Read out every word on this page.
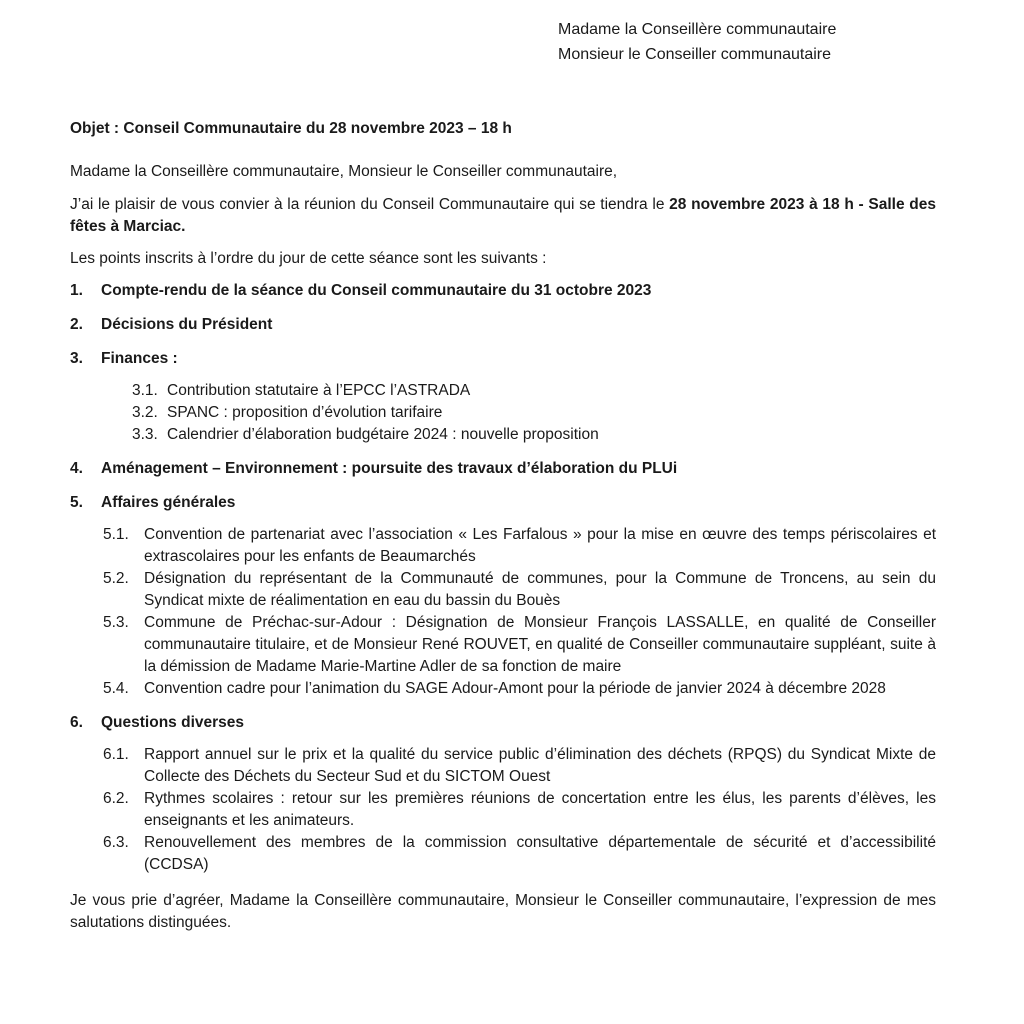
Madame la Conseillère communautaire
Monsieur le Conseiller communautaire
Objet : Conseil Communautaire du 28 novembre 2023 – 18 h

Madame la Conseillère communautaire, Monsieur le Conseiller communautaire,

J’ai le plaisir de vous convier à la réunion du Conseil Communautaire qui se tiendra le 28 novembre 2023 à 18 h - Salle des fêtes à Marciac.

Les points inscrits à l’ordre du jour de cette séance sont les suivants :

1. Compte-rendu de la séance du Conseil communautaire du 31 octobre 2023
2. Décisions du Président
3. Finances :
3.1. Contribution statutaire à l’EPCC l’ASTRADA
3.2. SPANC : proposition d’évolution tarifaire
3.3. Calendrier d’élaboration budgétaire 2024 : nouvelle proposition
4. Aménagement – Environnement : poursuite des travaux d’élaboration du PLUi
5. Affaires générales
5.1. Convention de partenariat avec l’association « Les Farfalous » pour la mise en œuvre des temps périscolaires et extrascolaires pour les enfants de Beaumarchés
5.2. Désignation du représentant de la Communauté de communes, pour la Commune de Troncens, au sein du Syndicat mixte de réalimentation en eau du bassin du Bouès
5.3. Commune de Préchac-sur-Adour : Désignation de Monsieur François LASSALLE, en qualité de Conseiller communautaire titulaire, et de Monsieur René ROUVET, en qualité de Conseiller communautaire suppléant, suite à la démission de Madame Marie-Martine Adler de sa fonction de maire
5.4. Convention cadre pour l’animation du SAGE Adour-Amont pour la période de janvier 2024 à décembre 2028
6. Questions diverses
6.1. Rapport annuel sur le prix et la qualité du service public d’élimination des déchets (RPQS) du Syndicat Mixte de Collecte des Déchets du Secteur Sud et du SICTOM Ouest
6.2. Rythmes scolaires : retour sur les premières réunions de concertation entre les élus, les parents d’élèves, les enseignants et les animateurs.
6.3. Renouvellement des membres de la commission consultative départementale de sécurité et d’accessibilité (CCDSA)

Je vous prie d’agréer, Madame la Conseillère communautaire, Monsieur le Conseiller communautaire, l’expression de mes salutations distinguées.
